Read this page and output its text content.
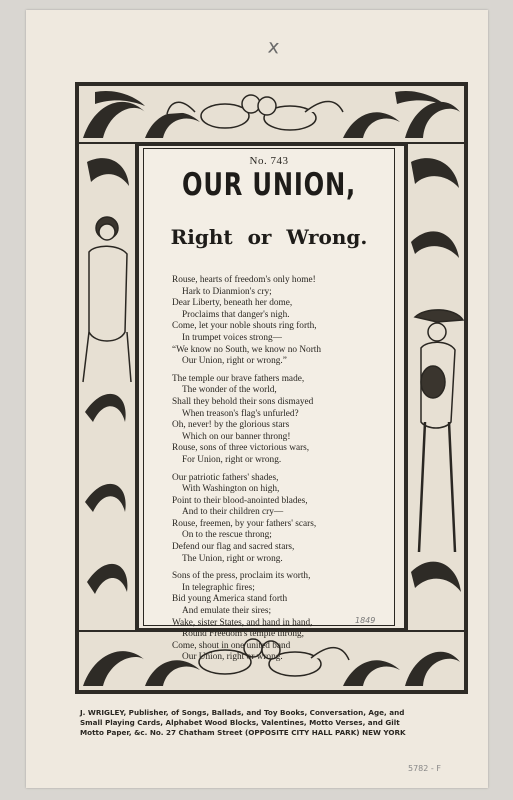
x
No. 743
OUR UNION,
Right or Wrong.
Rouse, hearts of freedom's only home!
Hark to Dianmion's cry;
Dear Liberty, beneath her dome,
Proclaims that danger's nigh.
Come, let your noble shouts ring forth,
In trumpet voices strong—
“We know no South, we know no North
Our Union, right or wrong.”
The temple our brave fathers made,
The wonder of the world,
Shall they behold their sons dismayed
When treason's flag's unfurled?
Oh, never! by the glorious stars
Which on our banner throng!
Rouse, sons of three victorious wars,
For Union, right or wrong.
Our patriotic fathers' shades,
With Washington on high,
Point to their blood-anointed blades,
And to their children cry—
Rouse, freemen, by your fathers' scars,
On to the rescue throng;
Defend our flag and sacred stars,
The Union, right or wrong.
Sons of the press, proclaim its worth,
In telegraphic fires;
Bid young America stand forth
And emulate their sires;
Wake, sister States, and hand in hand,
Round Freedom's temple throng,
Come, shout in one united band
Our Union, right or wrong.
1849
J. WRIGLEY, Publisher, of Songs, Ballads, and Toy Books, Conversation, Age, and
Small Playing Cards, Alphabet Wood Blocks, Valentines, Motto Verses, and Gilt
Motto Paper, &c. No. 27 Chatham Street (OPPOSITE CITY HALL PARK) NEW YORK
5782 - F
